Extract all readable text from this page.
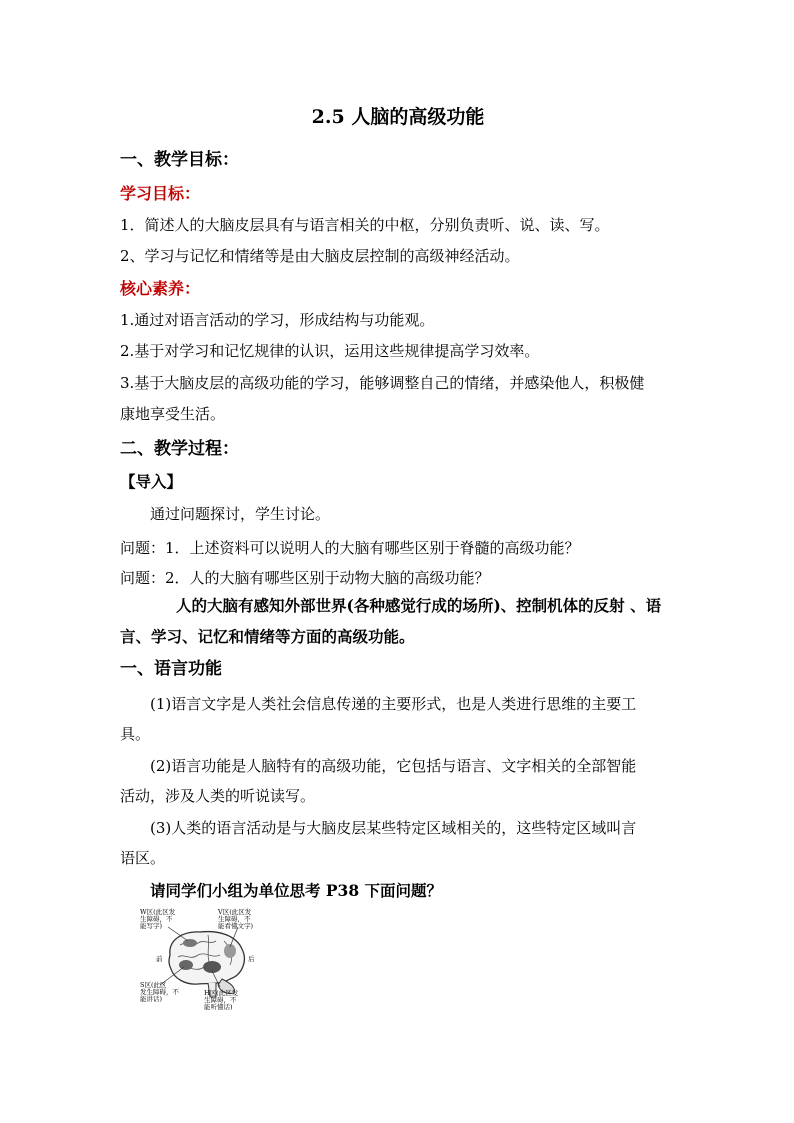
2.5 人脑的高级功能
一、教学目标：
学习目标：
1．简述人的大脑皮层具有与语言相关的中枢，分别负责听、说、读、写。
2、学习与记忆和情绪等是由大脑皮层控制的高级神经活动。
核心素养：
1.通过对语言活动的学习，形成结构与功能观。
2.基于对学习和记忆规律的认识，运用这些规律提高学习效率。
3.基于大脑皮层的高级功能的学习，能够调整自己的情绪，并感染他人，积极健
康地享受生活。
二、教学过程：
【导入】
通过问题探讨，学生讨论。
问题：1．上述资料可以说明人的大脑有哪些区别于脊髓的高级功能？
问题：2．人的大脑有哪些区别于动物大脑的高级功能？
人的大脑有感知外部世界(各种感觉行成的场所)、控制机体的反射 、语
言、学习、记忆和情绪等方面的高级功能。
一、语言功能
(1)语言文字是人类社会信息传递的主要形式，也是人类进行思维的主要工
具。
(2)语言功能是人脑特有的高级功能，它包括与语言、文字相关的全部智能
活动，涉及人类的听说读写。
(3)人类的语言活动是与大脑皮层某些特定区域相关的，这些特定区域叫言
语区。
请同学们小组为单位思考 P38 下面问题？
W区(此区发
生障碍，不
能写字)
V区(此区发
生障碍，不
能看懂文字)
前	后
S区(此区
发生障碍，不
能讲话)
H区(此区发
生障碍，不
能听懂话)
